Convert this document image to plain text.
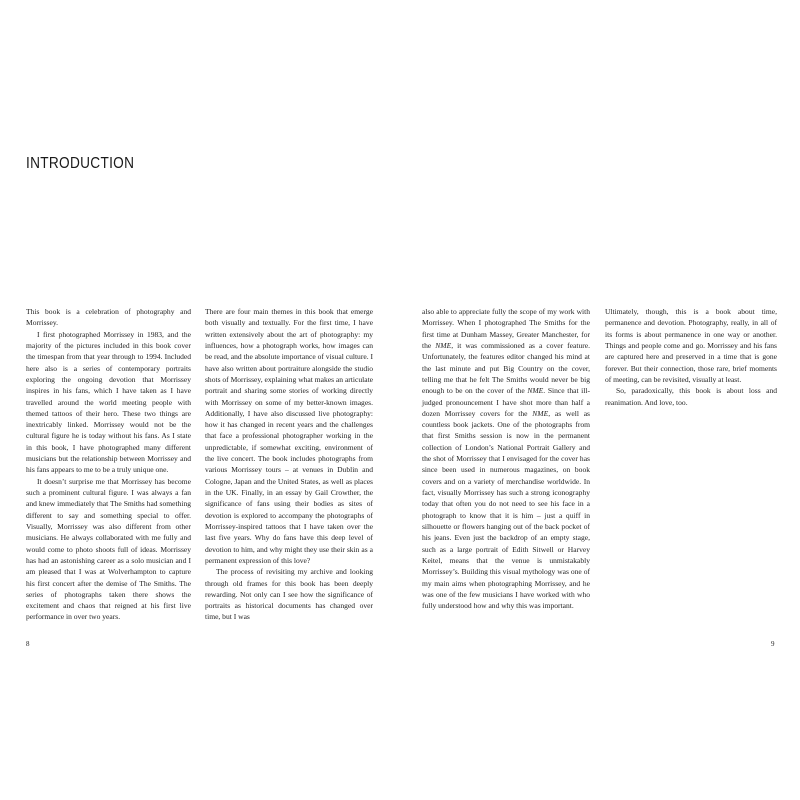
INTRODUCTION

This book is a celebration of photography and Morrissey.

I first photographed Morrissey in 1983, and the majority of the pictures included in this book cover the timespan from that year through to 1994. Included here also is a series of contemporary portraits exploring the ongoing devotion that Morrissey inspires in his fans, which I have taken as I have travelled around the world meeting people with themed tattoos of their hero. These two things are inextricably linked. Morrissey would not be the cultural figure he is today without his fans. As I state in this book, I have photographed many different musicians but the relationship between Morrissey and his fans appears to me to be a truly unique one.

It doesn’t surprise me that Morrissey has become such a prominent cultural figure. I was always a fan and knew immediately that The Smiths had something different to say and something special to offer. Visually, Morrissey was also different from other musicians. He always collaborated with me fully and would come to photo shoots full of ideas. Morrissey has had an astonishing career as a solo musician and I am pleased that I was at Wolverhampton to capture his first concert after the demise of The Smiths. The series of photographs taken there shows the excitement and chaos that reigned at his first live performance in over two years.

There are four main themes in this book that emerge both visually and textually. For the first time, I have written extensively about the art of photography: my influences, how a photograph works, how images can be read, and the absolute importance of visual culture. I have also written about portraiture alongside the studio shots of Morrissey, explaining what makes an articulate portrait and sharing some stories of working directly with Morrissey on some of my better-known images. Additionally, I have also discussed live photography: how it has changed in recent years and the challenges that face a professional photographer working in the unpredictable, if somewhat exciting, environment of the live concert. The book includes photographs from various Morrissey tours – at venues in Dublin and Cologne, Japan and the United States, as well as places in the UK. Finally, in an essay by Gail Crowther, the significance of fans using their bodies as sites of devotion is explored to accompany the photographs of Morrissey-inspired tattoos that I have taken over the last five years. Why do fans have this deep level of devotion to him, and why might they use their skin as a permanent expression of this love?

The process of revisiting my archive and looking through old frames for this book has been deeply rewarding. Not only can I see how the significance of portraits as historical documents has changed over time, but I was

also able to appreciate fully the scope of my work with Morrissey. When I photographed The Smiths for the first time at Dunham Massey, Greater Manchester, for the NME, it was commissioned as a cover feature. Unfortunately, the features editor changed his mind at the last minute and put Big Country on the cover, telling me that he felt The Smiths would never be big enough to be on the cover of the NME. Since that ill-judged pronouncement I have shot more than half a dozen Morrissey covers for the NME, as well as countless book jackets. One of the photographs from that first Smiths session is now in the permanent collection of London’s National Portrait Gallery and the shot of Morrissey that I envisaged for the cover has since been used in numerous magazines, on book covers and on a variety of merchandise worldwide. In fact, visually Morrissey has such a strong iconography today that often you do not need to see his face in a photograph to know that it is him – just a quiff in silhouette or flowers hanging out of the back pocket of his jeans. Even just the backdrop of an empty stage, such as a large portrait of Edith Sitwell or Harvey Keitel, means that the venue is unmistakably Morrissey’s. Building this visual mythology was one of my main aims when photographing Morrissey, and he was one of the few musicians I have worked with who fully understood how and why this was important.

Ultimately, though, this is a book about time, permanence and devotion. Photography, really, in all of its forms is about permanence in one way or another. Things and people come and go. Morrissey and his fans are captured here and preserved in a time that is gone forever. But their connection, those rare, brief moments of meeting, can be revisited, visually at least.

So, paradoxically, this book is about loss and reanimation. And love, too.

8	9
